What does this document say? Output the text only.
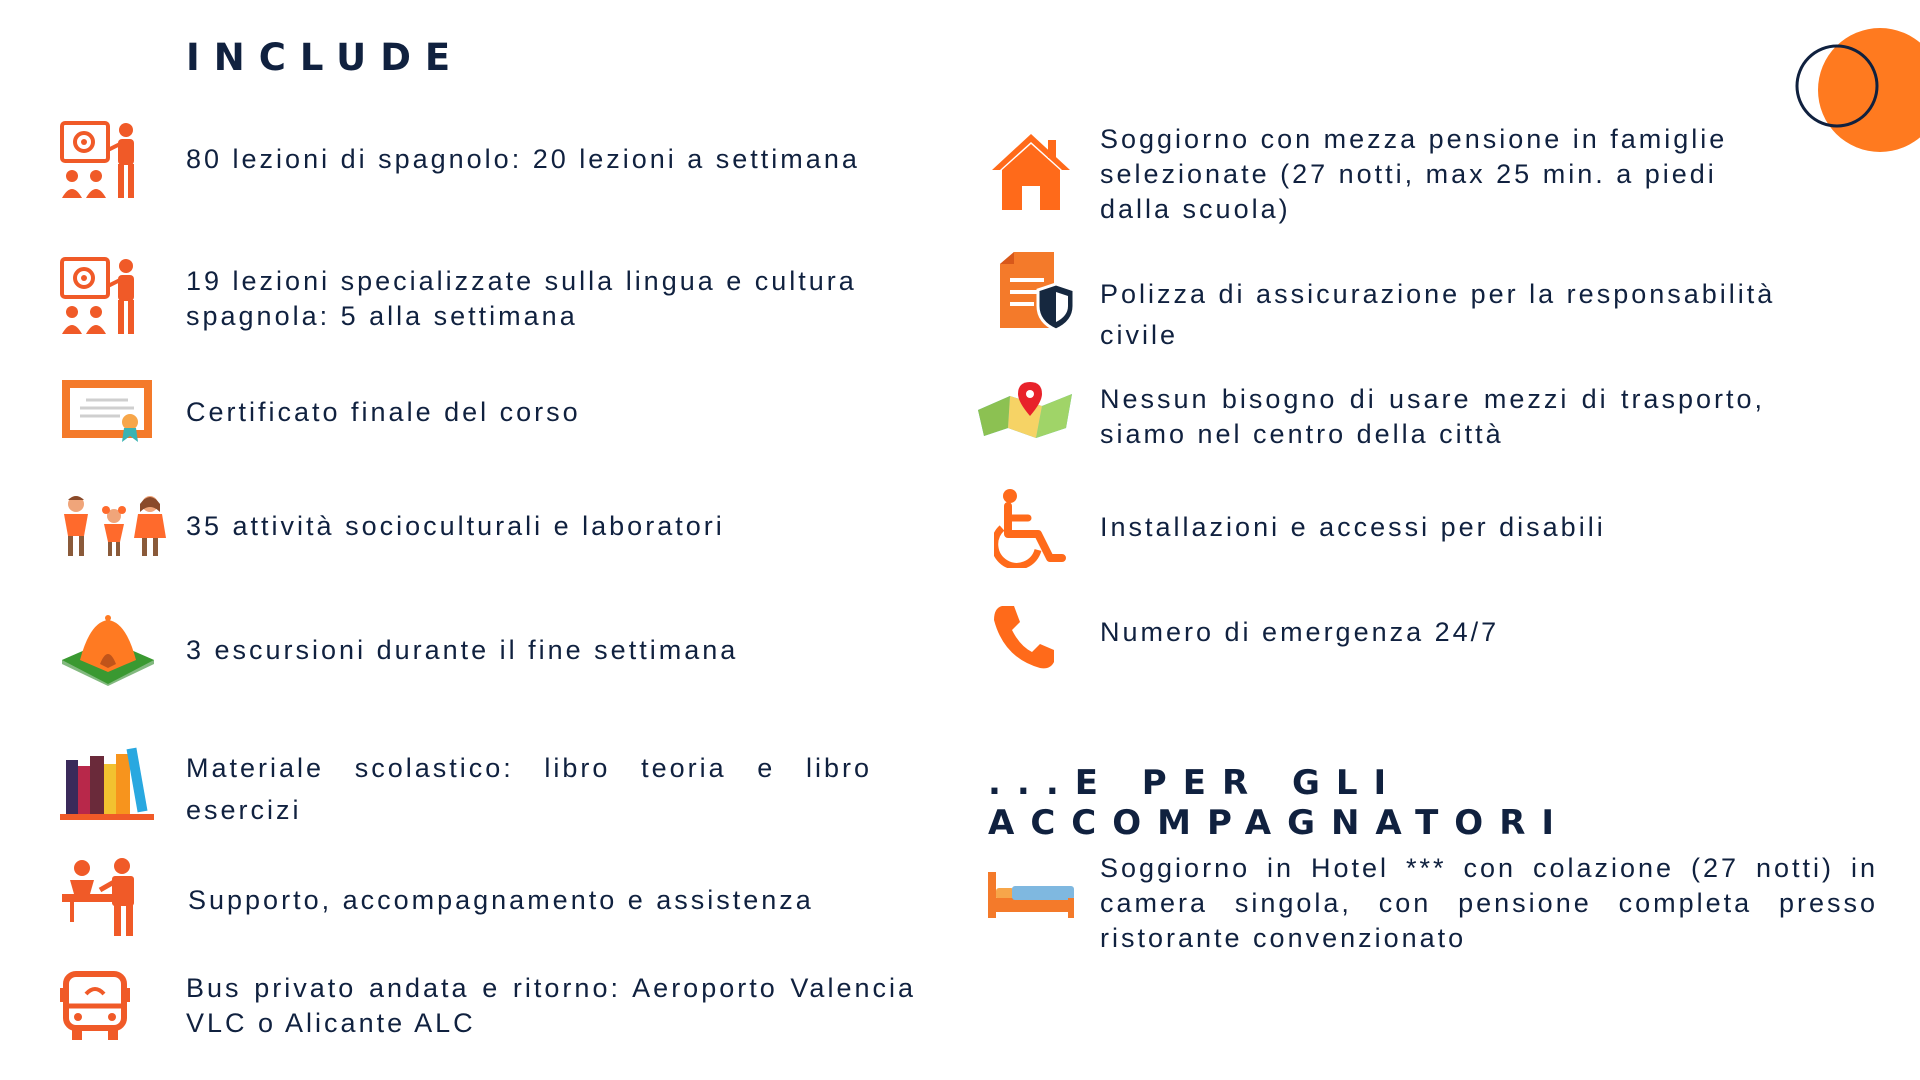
INCLUDE
80 lezioni di spagnolo: 20 lezioni a settimana
19 lezioni specializzate sulla lingua e cultura spagnola: 5 alla settimana
Certificato finale del corso
35 attività socioculturali e laboratori
3 escursioni durante il fine settimana
Materiale scolastico: libro teoria e libro esercizi
Supporto, accompagnamento e assistenza
Bus privato andata e ritorno: Aeroporto Valencia VLC o Alicante ALC
Soggiorno con mezza pensione in famiglie selezionate (27 notti, max 25 min. a piedi dalla scuola)
Polizza di assicurazione per la responsabilità civile
Nessun bisogno di usare mezzi di trasporto, siamo nel centro della città
Installazioni e accessi per disabili
Numero di emergenza 24/7
...E PER GLI ACCOMPAGNATORI
Soggiorno in Hotel *** con colazione (27 notti) in camera singola, con pensione completa presso ristorante convenzionato
